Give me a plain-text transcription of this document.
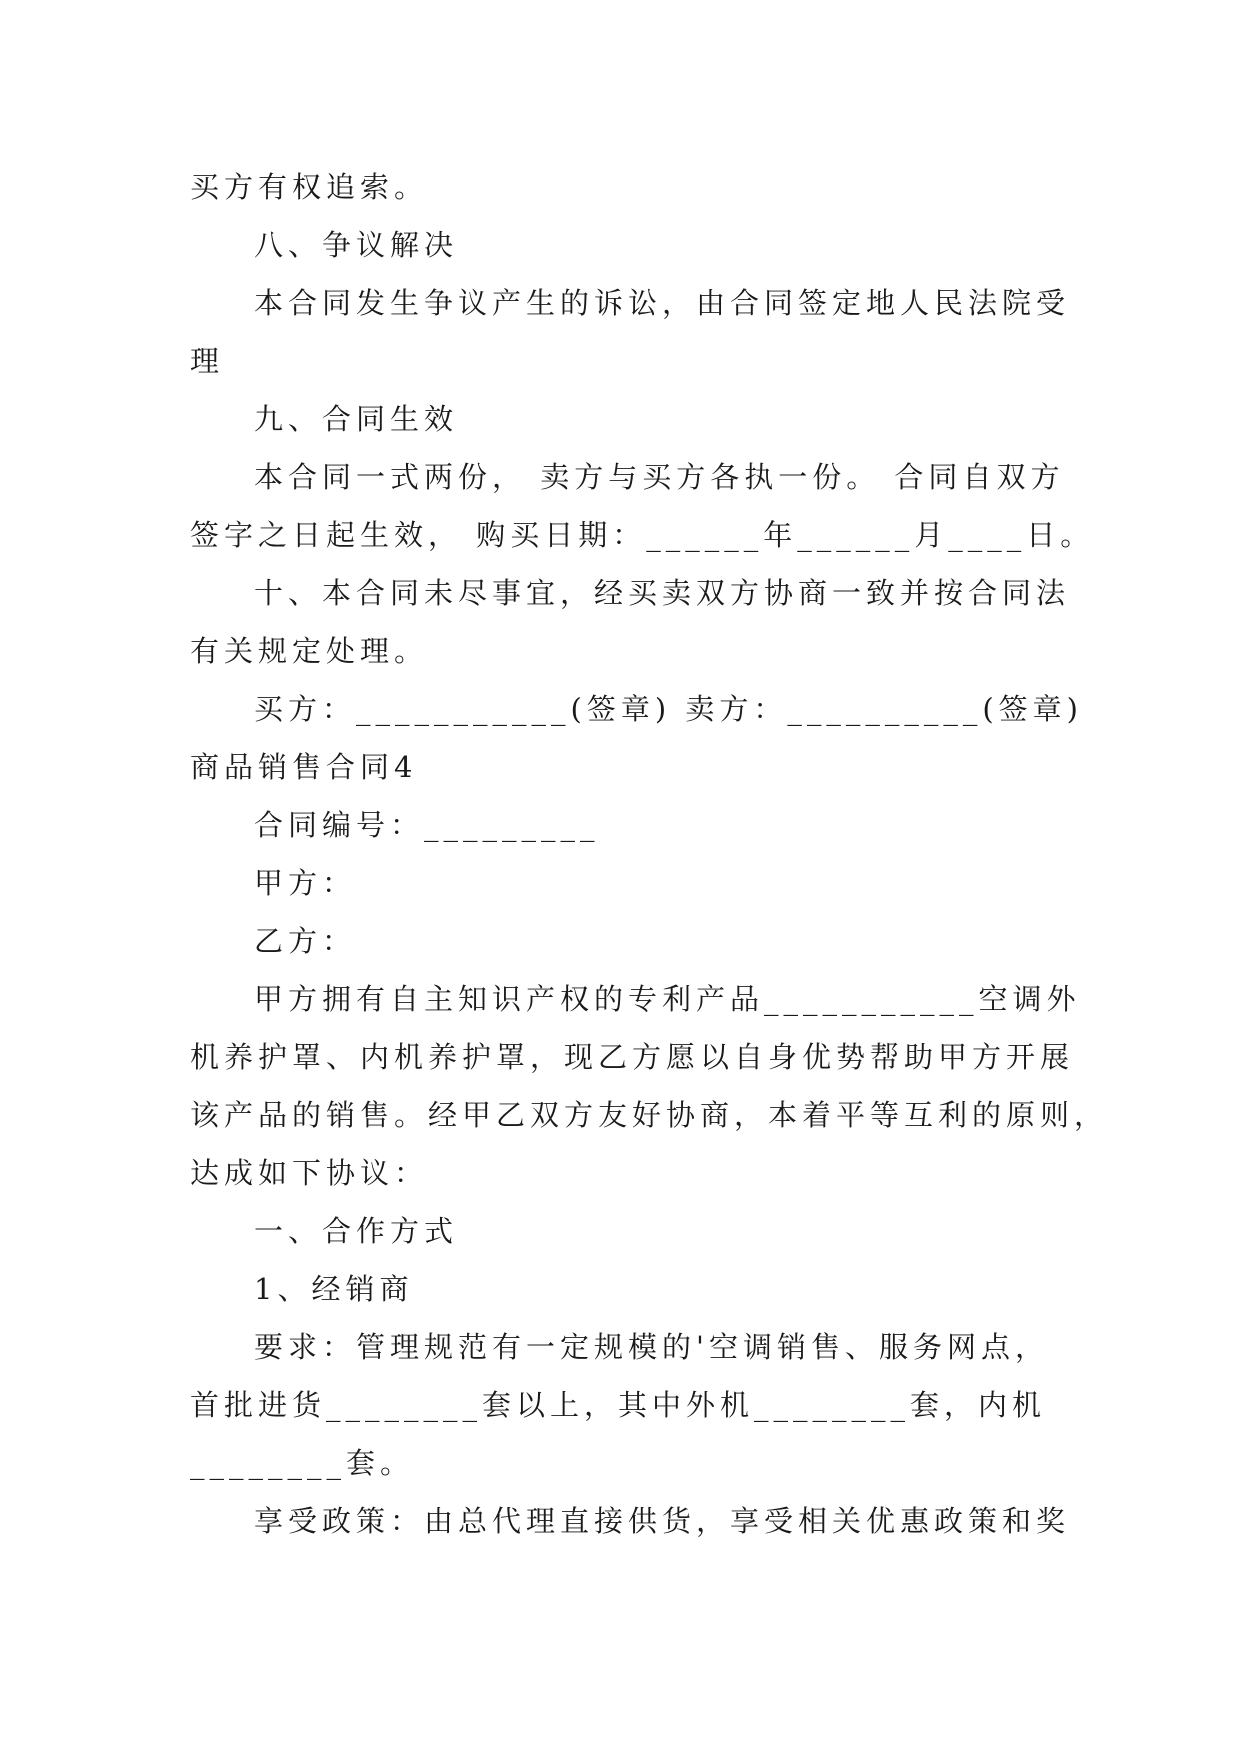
买方有权追索。
八、争议解决
本合同发生争议产生的诉讼，由合同签定地人民法院受
理
九、合同生效
本合同一式两份， 卖方与买方各执一份。 合同自双方
签字之日起生效， 购买日期：______年______月____日。
十、本合同未尽事宜，经买卖双方协商一致并按合同法
有关规定处理。
买方：___________(签章) 卖方：__________(签章)
商品销售合同4
合同编号：_________
甲方：
乙方：
甲方拥有自主知识产权的专利产品___________空调外
机养护罩、内机养护罩，现乙方愿以自身优势帮助甲方开展
该产品的销售。经甲乙双方友好协商，本着平等互利的原则，
达成如下协议：
一、合作方式
1、经销商
要求：管理规范有一定规模的'空调销售、服务网点，
首批进货________套以上，其中外机________套，内机
________套。
享受政策：由总代理直接供货，享受相关优惠政策和奖
